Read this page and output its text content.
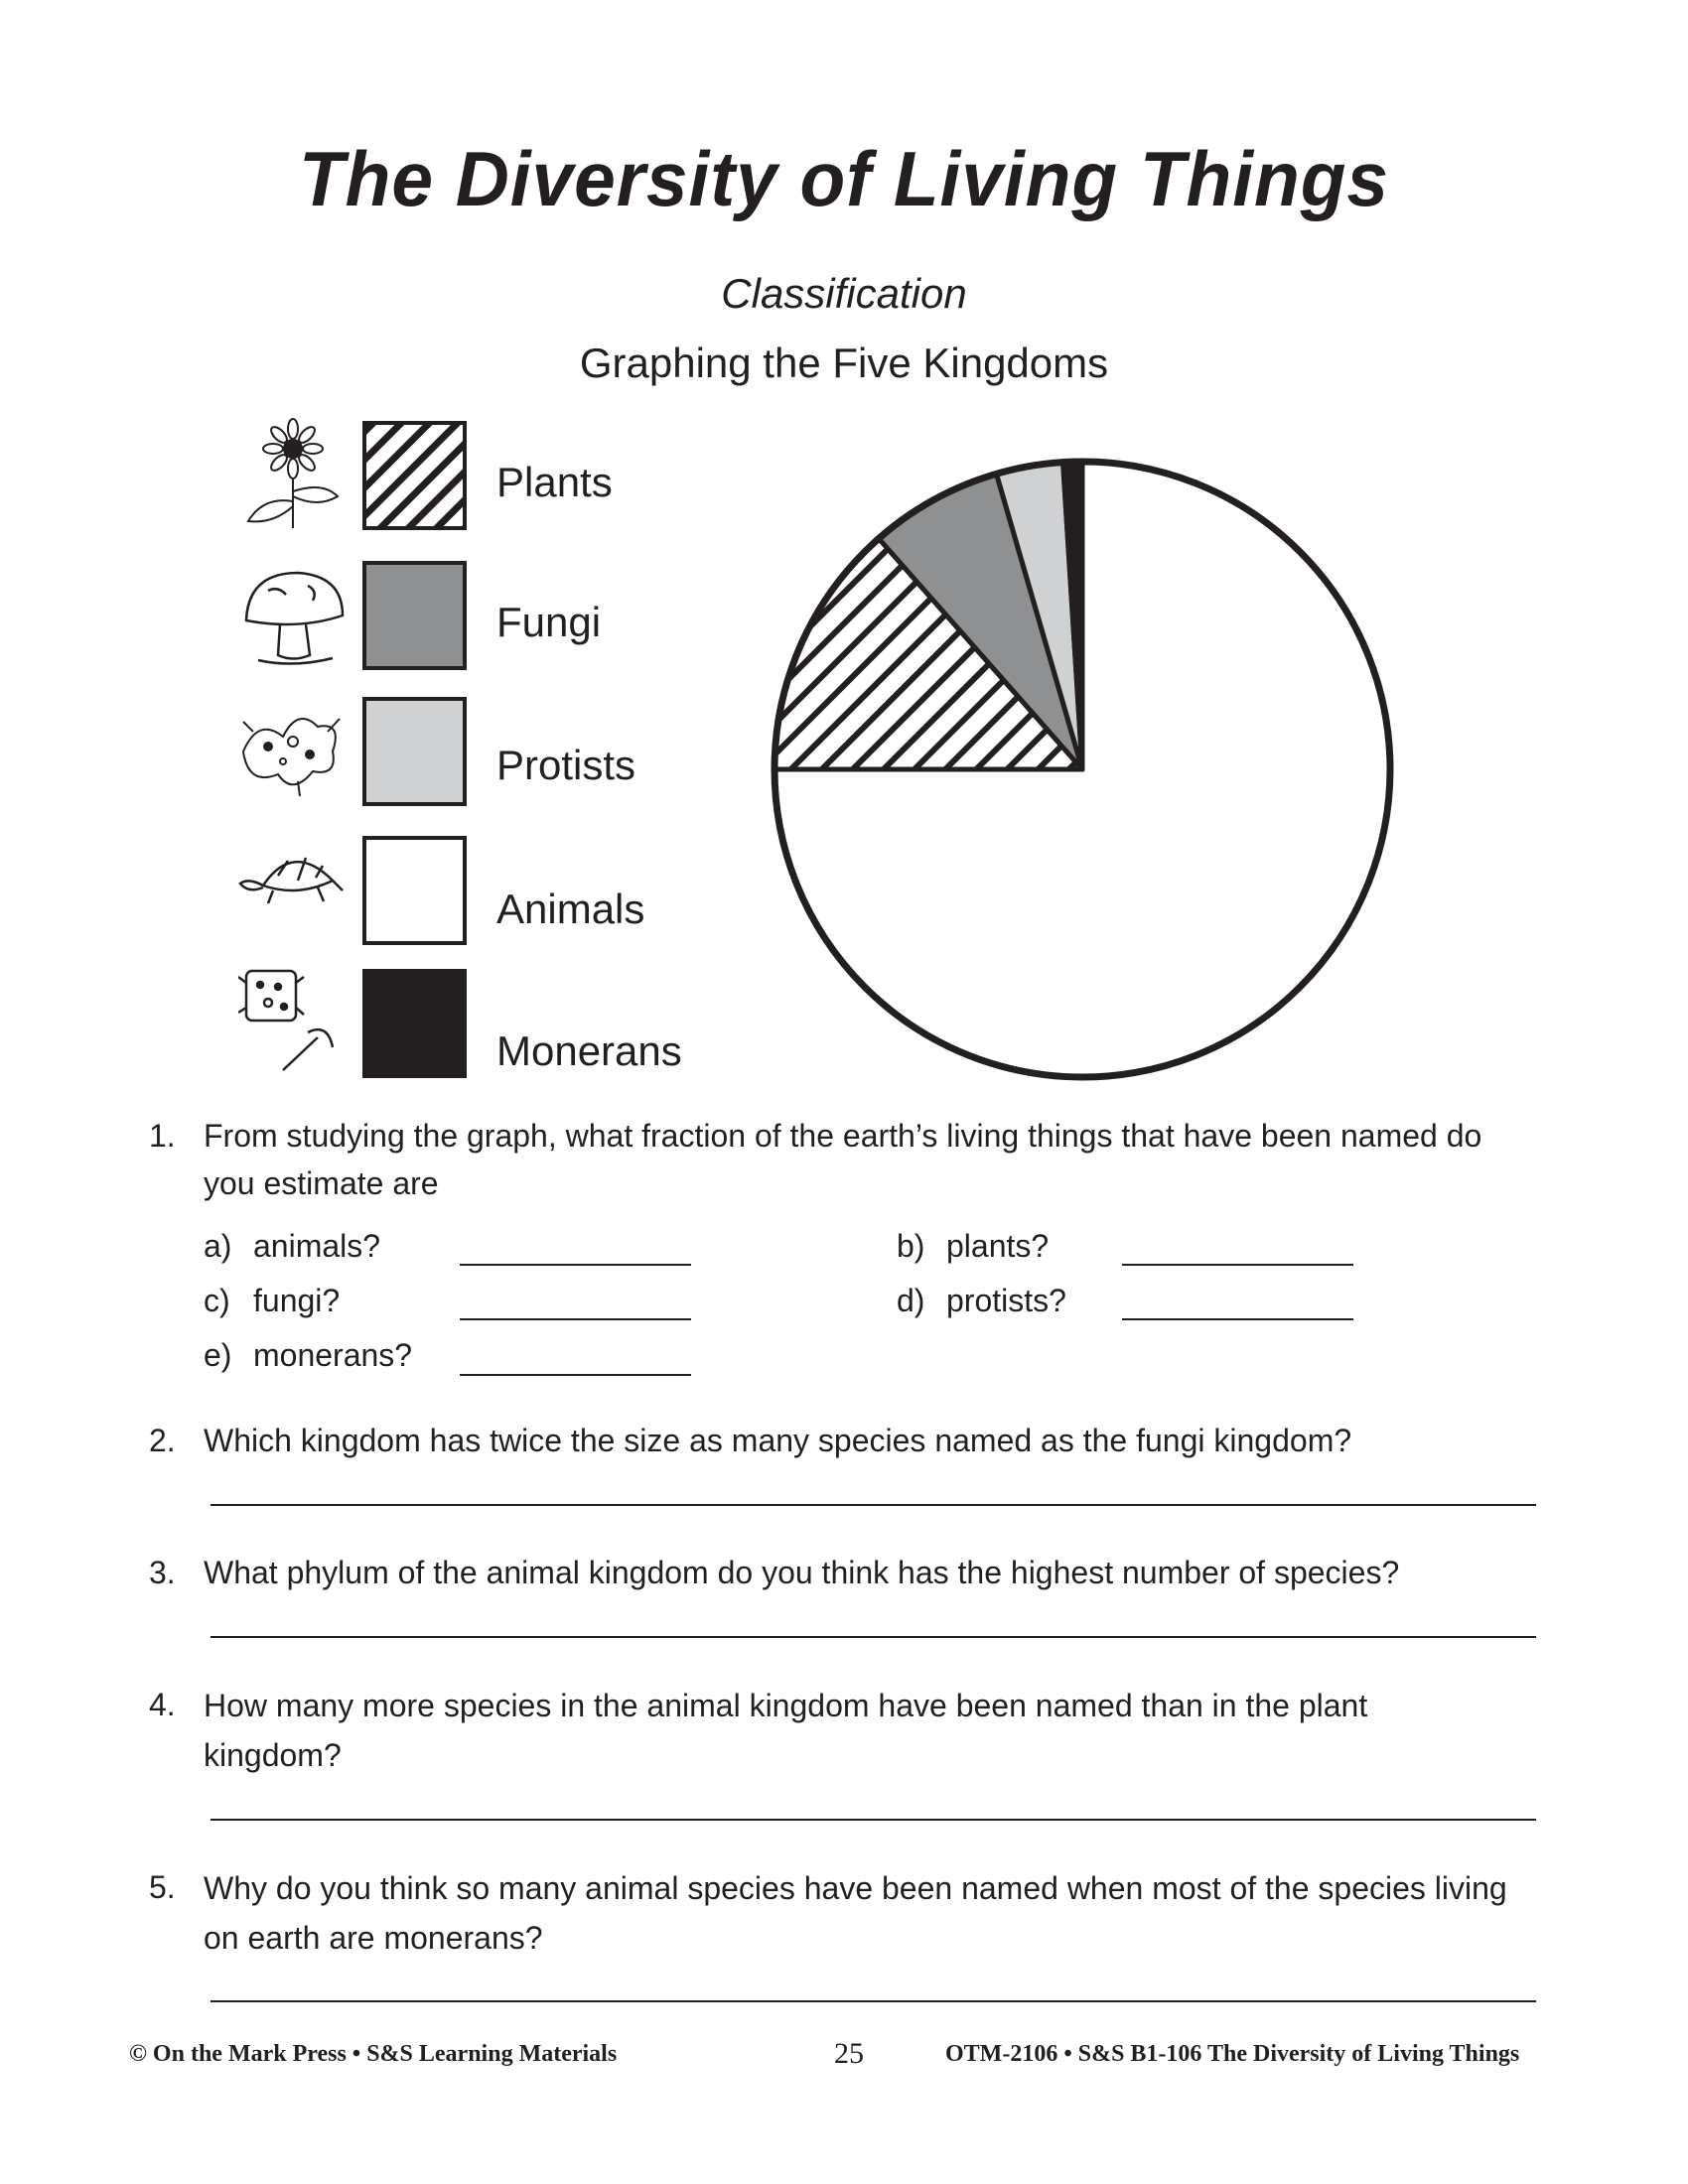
The Diversity of Living Things
Classification
Graphing the Five Kingdoms
Plants
Fungi
Protists
Animals
Monerans
1. From studying the graph, what fraction of the earth’s living things that have been named do you estimate are
a) animals?	b) plants?
c) fungi?	d) protists?
e) monerans?
2. Which kingdom has twice the size as many species named as the fungi kingdom?
3. What phylum of the animal kingdom do you think has the highest number of species?
4. How many more species in the animal kingdom have been named than in the plant kingdom?
5. Why do you think so many animal species have been named when most of the species living on earth are monerans?
© On the Mark Press • S&S Learning Materials	25	OTM-2106 • S&S B1-106 The Diversity of Living Things
